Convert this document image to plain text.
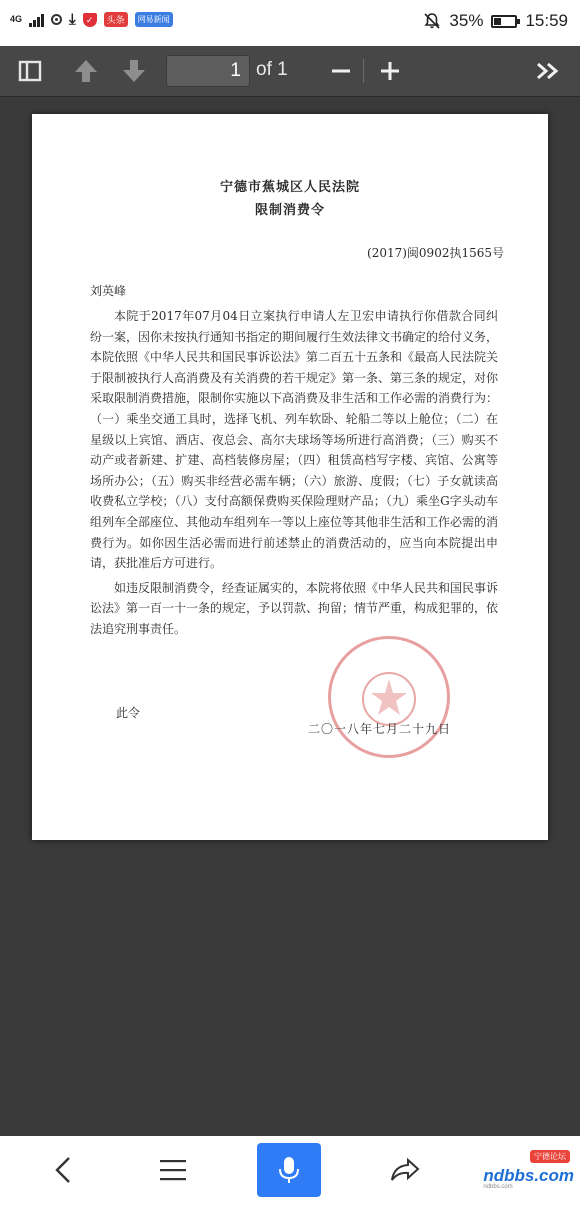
4G	⤓	✓	头条	网易新闻	35% 15:59
1 of 1
宁德市蕉城区人民法院
限制消费令
(2017)闽0902执1565号
刘英峰

本院于2017年07月04日立案执行申请人左卫宏申请执行你借款合同纠纷一案，因你未按执行通知书指定的期间履行生效法律文书确定的给付义务，本院依照《中华人民共和国民事诉讼法》第二百五十五条和《最高人民法院关于限制被执行人高消费及有关消费的若干规定》第一条、第三条的规定，对你采取限制消费措施，限制你实施以下高消费及非生活和工作必需的消费行为：（一）乘坐交通工具时，选择飞机、列车软卧、轮船二等以上舱位；（二）在星级以上宾馆、酒店、夜总会、高尔夫球场等场所进行高消费；（三）购买不动产或者新建、扩建、高档装修房屋；（四）租赁高档写字楼、宾馆、公寓等场所办公；（五）购买非经营必需车辆；（六）旅游、度假；（七）子女就读高收费私立学校；（八）支付高额保费购买保险理财产品；（九）乘坐G字头动车组列车全部座位、其他动车组列车一等以上座位等其他非生活和工作必需的消费行为。如你因生活必需而进行前述禁止的消费活动的，应当向本院提出申请，获批准后方可进行。

如违反限制消费令，经查证属实的，本院将依照《中华人民共和国民事诉讼法》第一百一十一条的规定，予以罚款、拘留；情节严重，构成犯罪的，依法追究刑事责任。

此令
二〇一八年七月二十九日
宁德论坛
ndbbs.com
ndbbs.com
